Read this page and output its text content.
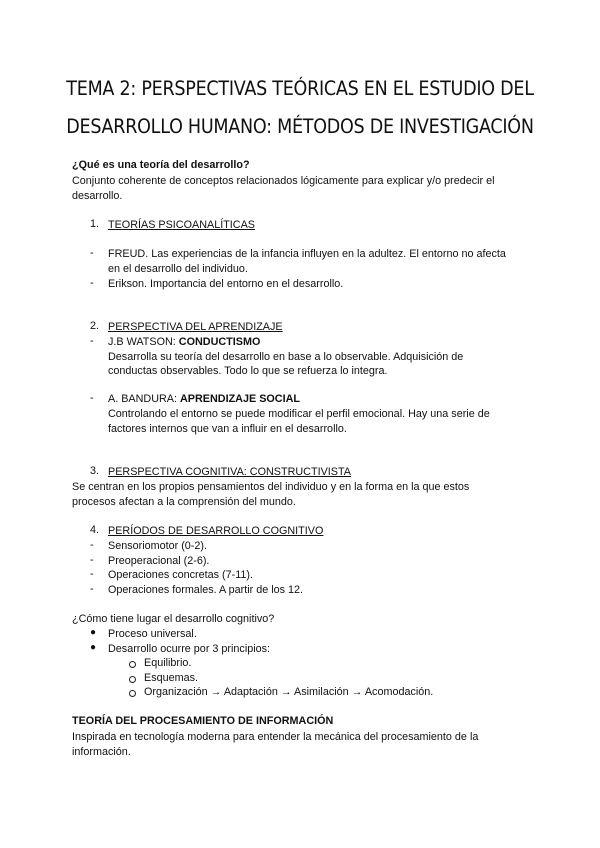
TEMA 2: PERSPECTIVAS TEÓRICAS EN EL ESTUDIO DEL
DESARROLLO HUMANO: MÉTODOS DE INVESTIGACIÓN

¿Qué es una teoría del desarrollo?

Conjunto coherente de conceptos relacionados lógicamente para explicar y/o predecir el

desarrollo.

1. TEORÍAS PSICOANALÍTICAS

- FREUD. Las experiencias de la infancia influyen en la adultez. El entorno no afecta

en el desarrollo del individuo.

- Erikson. Importancia del entorno en el desarrollo.

2. PERSPECTIVA DEL APRENDIZAJE

- J.B WATSON: CONDUCTISMO

Desarrolla su teoría del desarrollo en base a lo observable. Adquisición de

conductas observables. Todo lo que se refuerza lo integra.

- A. BANDURA: APRENDIZAJE SOCIAL

Controlando el entorno se puede modificar el perfil emocional. Hay una serie de

factores internos que van a influir en el desarrollo.

3. PERSPECTIVA COGNITIVA: CONSTRUCTIVISTA

Se centran en los propios pensamientos del individuo y en la forma en la que estos

procesos afectan a la comprensión del mundo.

4. PERÍODOS DE DESARROLLO COGNITIVO

- Sensoriomotor (0-2).

- Preoperacional (2-6).

- Operaciones concretas (7-11).

- Operaciones formales. A partir de los 12.

¿Cómo tiene lugar el desarrollo cognitivo?

● Proceso universal.

● Desarrollo ocurre por 3 principios:

Equilibrio.

Esquemas.

Organización → Adaptación → Asimilación → Acomodación.

TEORÍA DEL PROCESAMIENTO DE INFORMACIÓN

Inspirada en tecnología moderna para entender la mecánica del procesamiento de la

información.
